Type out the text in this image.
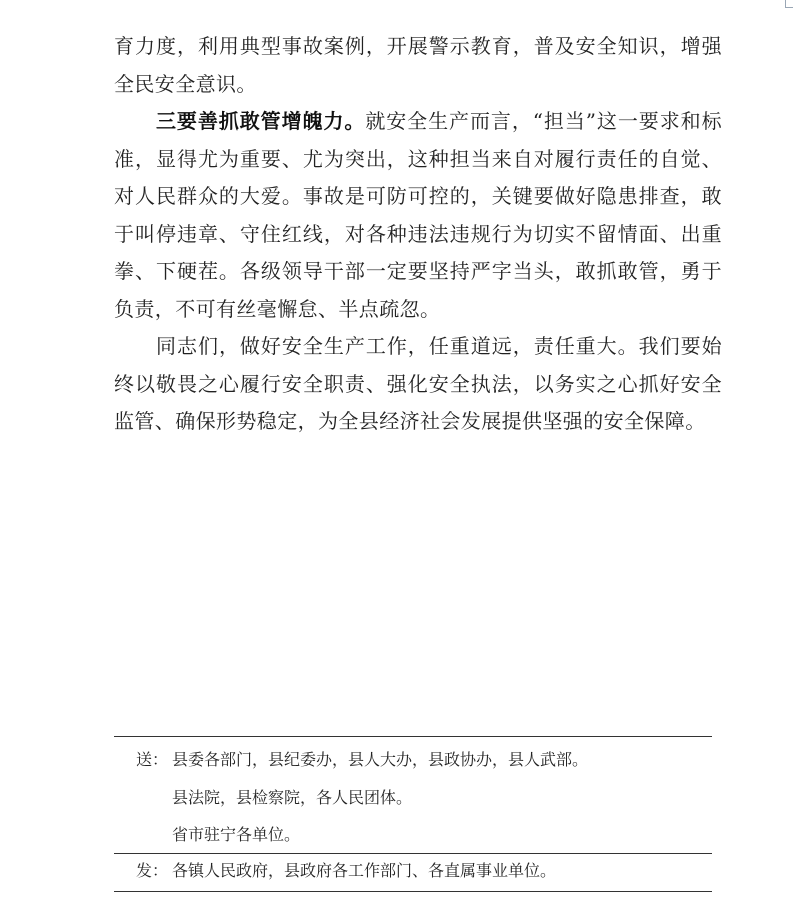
育力度，利用典型事故案例，开展警示教育，普及安全知识，增强全民安全意识。

三要善抓敢管增魄力。就安全生产而言，“担当”这一要求和标准，显得尤为重要、尤为突出，这种担当来自对履行责任的自觉、对人民群众的大爱。事故是可防可控的，关键要做好隐患排查，敢于叫停违章、守住红线，对各种违法违规行为切实不留情面、出重拳、下硬茬。各级领导干部一定要坚持严字当头，敢抓敢管，勇于负责，不可有丝毫懈怠、半点疏忽。

同志们，做好安全生产工作，任重道远，责任重大。我们要始终以敬畏之心履行安全职责、强化安全执法，以务实之心抓好安全监管、确保形势稳定，为全县经济社会发展提供坚强的安全保障。

送： 县委各部门，县纪委办，县人大办，县政协办，县人武部。
县法院，县检察院，各人民团体。
省市驻宁各单位。
发： 各镇人民政府，县政府各工作部门、各直属事业单位。
